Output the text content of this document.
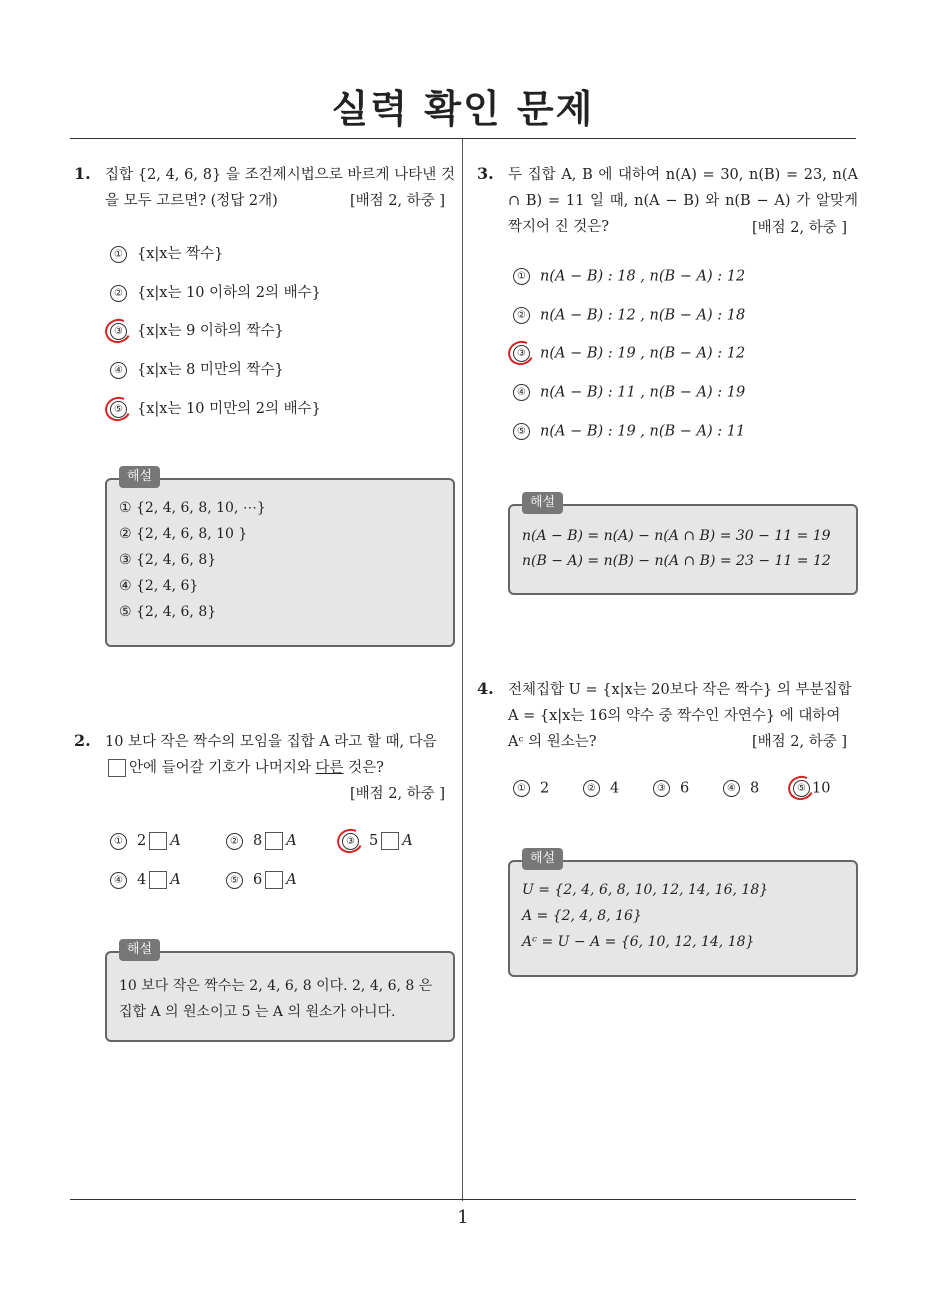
실력 확인 문제
1
1. 집합 {2, 4, 6, 8} 을 조건제시법으로 바르게 나타낸 것을 모두 고르면? (정답 2개)	[배점 2, 하중 ]
① {x|x는 짝수}
② {x|x는 10 이하의 2의 배수}
③ {x|x는 9 이하의 짝수}
④ {x|x는 8 미만의 짝수}
⑤ {x|x는 10 미만의 2의 배수}
해설
① {2, 4, 6, 8, 10, ⋯}
② {2, 4, 6, 8, 10 }
③ {2, 4, 6, 8}
④ {2, 4, 6}
⑤ {2, 4, 6, 8}
2. 10 보다 작은 짝수의 모임을 집합 A 라고 할 때, 다음
안에 들어갈 기호가 나머지와 다른 것은?
[배점 2, 하중 ]
① 2 A	② 8 A	③ 5 A
④ 4 A	⑤ 6 A
해설
10 보다 작은 짝수는 2, 4, 6, 8 이다. 2, 4, 6, 8 은
집합 A 의 원소이고 5 는 A 의 원소가 아니다.
3. 두 집합 A, B 에 대하여 n(A) = 30, n(B) = 23, n(A ∩ B) = 11 일 때, n(A − B) 와 n(B − A) 가 알맞게 짝지어 진 것은?	[배점 2, 하중 ]
① n(A − B) : 18 , n(B − A) : 12
② n(A − B) : 12 , n(B − A) : 18
③ n(A − B) : 19 , n(B − A) : 12
④ n(A − B) : 11 , n(B − A) : 19
⑤ n(A − B) : 19 , n(B − A) : 11
해설
n(A − B) = n(A) − n(A ∩ B) = 30 − 11 = 19
n(B − A) = n(B) − n(A ∩ B) = 23 − 11 = 12
4. 전체집합 U = {x|x는 20보다 작은 짝수} 의 부분집합
A = {x|x는 16의 약수 중 짝수인 자연수} 에 대하여
Aᶜ 의 원소는?	[배점 2, 하중 ]
① 2	② 4	③ 6	④ 8	⑤ 10
해설
U = {2, 4, 6, 8, 10, 12, 14, 16, 18}
A = {2, 4, 8, 16}
Aᶜ = U − A = {6, 10, 12, 14, 18}
